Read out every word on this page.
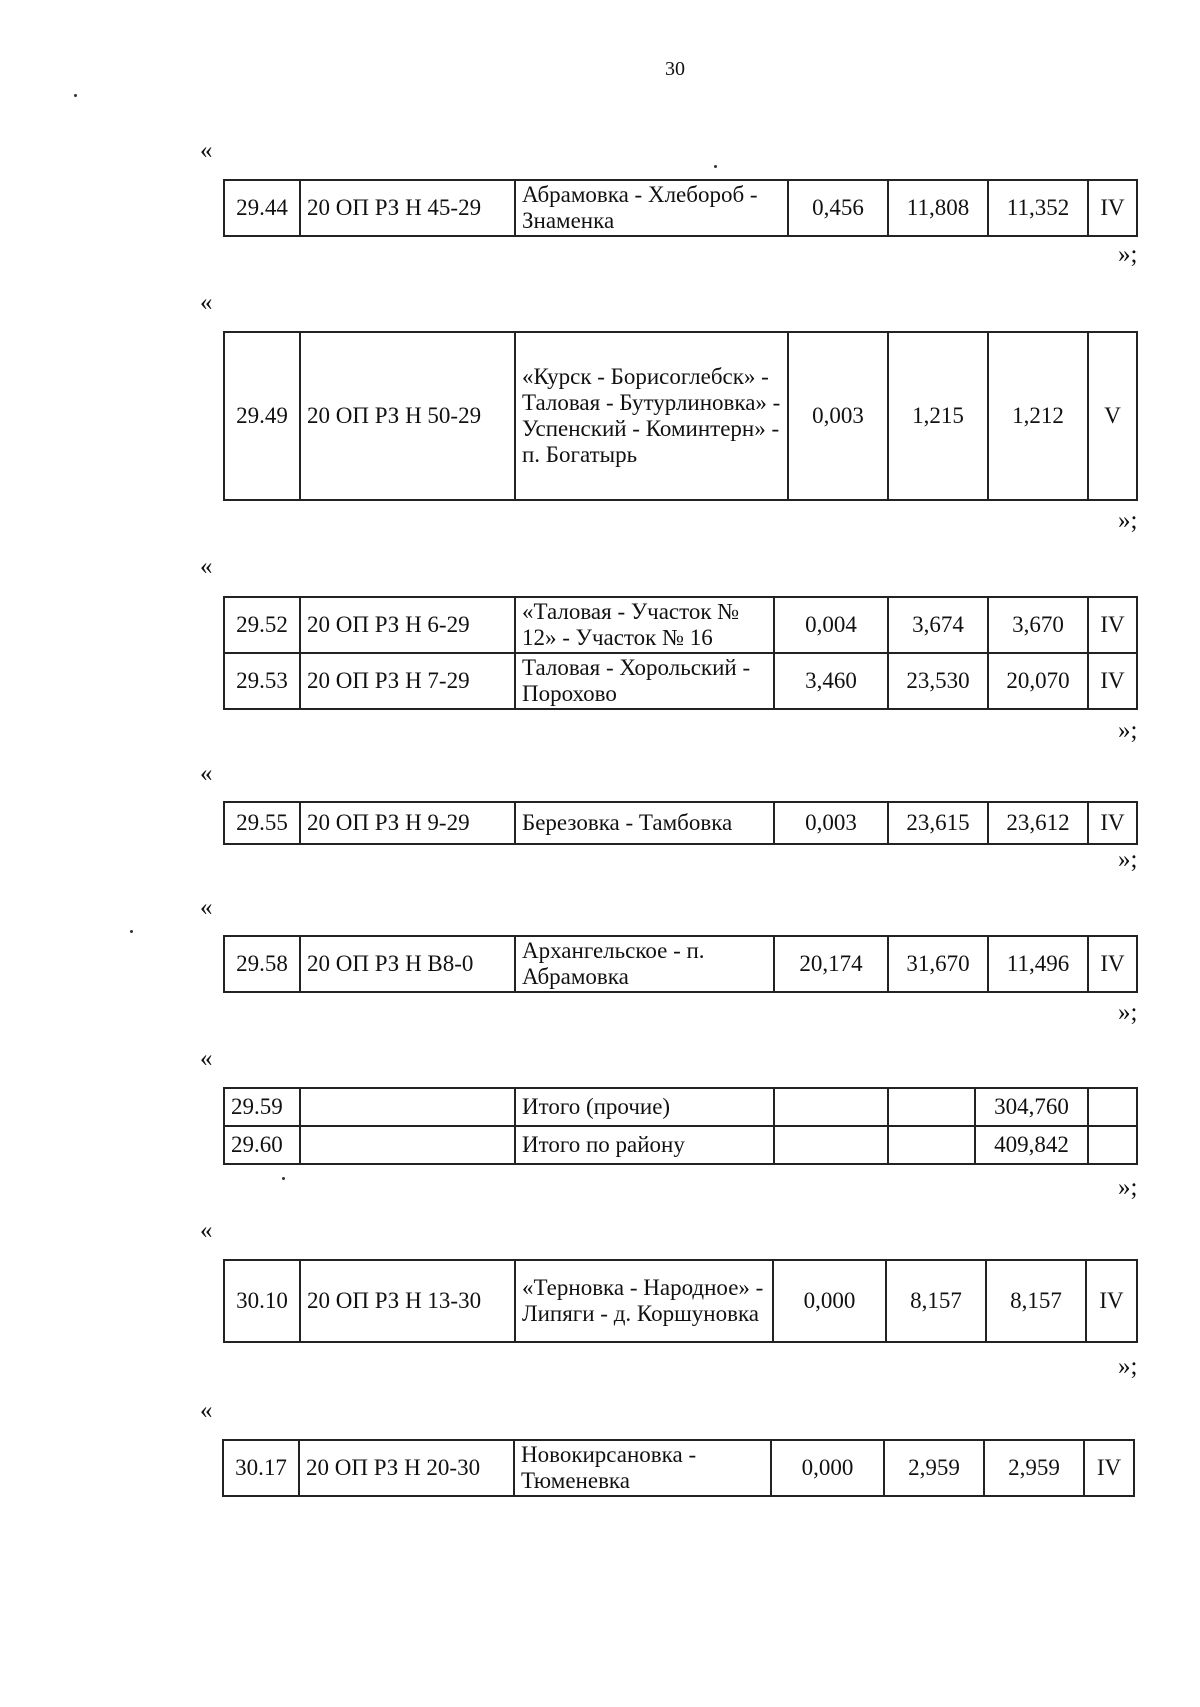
30
«
29.44	20 ОП РЗ Н 45-29	Абрамовка - Хлебороб - Знаменка	0,456	11,808	11,352	IV
»;
«
29.49	20 ОП РЗ Н 50-29	«Курск - Борисоглебск» - Таловая - Бутурлиновка» - Успенский - Коминтерн» - п. Богатырь	0,003	1,215	1,212	V
»;
«
29.52	20 ОП РЗ Н 6-29	«Таловая - Участок № 12» - Участок № 16	0,004	3,674	3,670	IV
29.53	20 ОП РЗ Н 7-29	Таловая - Хорольский - Порохово	3,460	23,530	20,070	IV
»;
«
29.55	20 ОП РЗ Н 9-29	Березовка - Тамбовка	0,003	23,615	23,612	IV
»;
«
29.58	20 ОП РЗ Н В8-0	Архангельское - п. Абрамовка	20,174	31,670	11,496	IV
»;
«
29.59		Итого (прочие)			304,760	
29.60		Итого по району			409,842	
»;
«
30.10	20 ОП РЗ Н 13-30	«Терновка - Народное» - Липяги - д. Коршуновка	0,000	8,157	8,157	IV
»;
«
30.17	20 ОП РЗ Н 20-30	Новокирсановка - Тюменевка	0,000	2,959	2,959	IV
